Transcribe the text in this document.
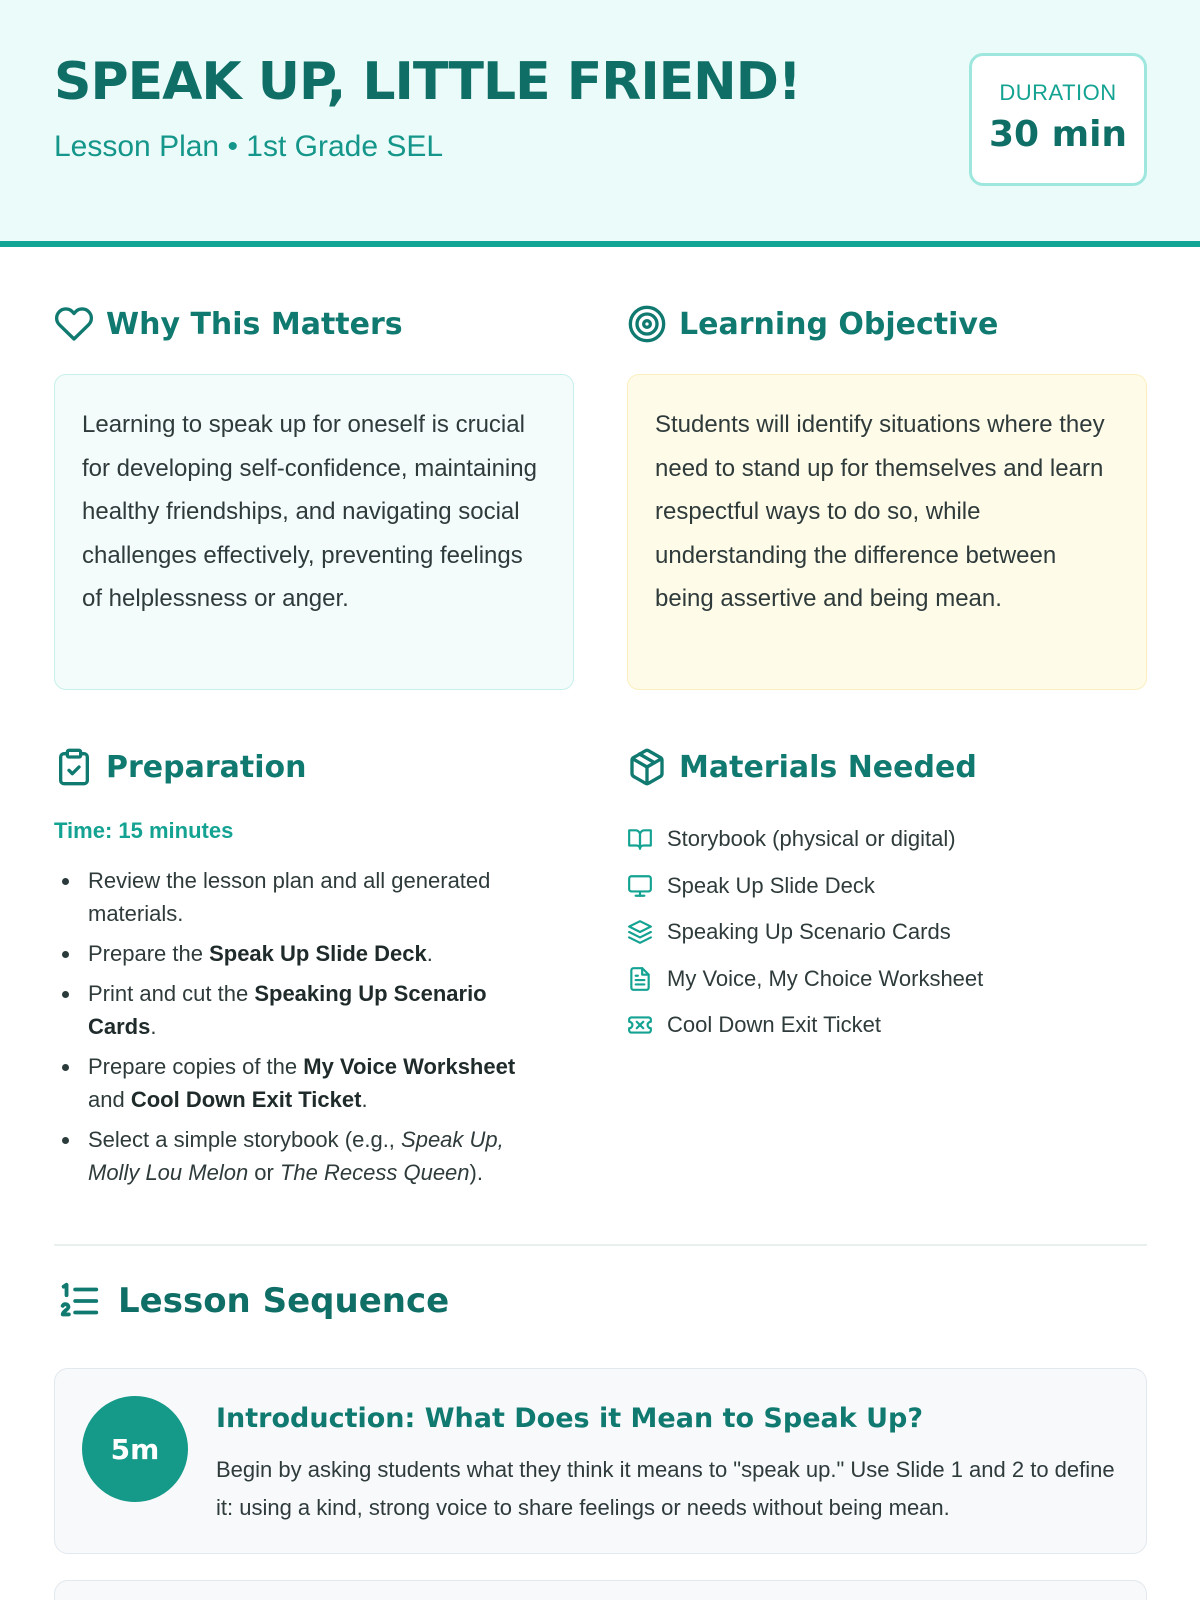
SPEAK UP, LITTLE FRIEND!
Lesson Plan • 1st Grade SEL
DURATION
30 min
Why This Matters

Learning to speak up for oneself is crucial for developing self-confidence, maintaining healthy friendships, and navigating social challenges effectively, preventing feelings of helplessness or anger.

Learning Objective

Students will identify situations where they need to stand up for themselves and learn respectful ways to do so, while understanding the difference between being assertive and being mean.

Preparation
Time: 15 minutes
Review the lesson plan and all generated materials.
Prepare the Speak Up Slide Deck.
Print and cut the Speaking Up Scenario Cards.
Prepare copies of the My Voice Worksheet and Cool Down Exit Ticket.
Select a simple storybook (e.g., Speak Up, Molly Lou Melon or The Recess Queen).
Materials Needed
Storybook (physical or digital)
Speak Up Slide Deck
Speaking Up Scenario Cards
My Voice, My Choice Worksheet
Cool Down Exit Ticket
Lesson Sequence
5m
Introduction: What Does it Mean to Speak Up?
Begin by asking students what they think it means to "speak up." Use Slide 1 and 2 to define it: using a kind, strong voice to share feelings or needs without being mean.
